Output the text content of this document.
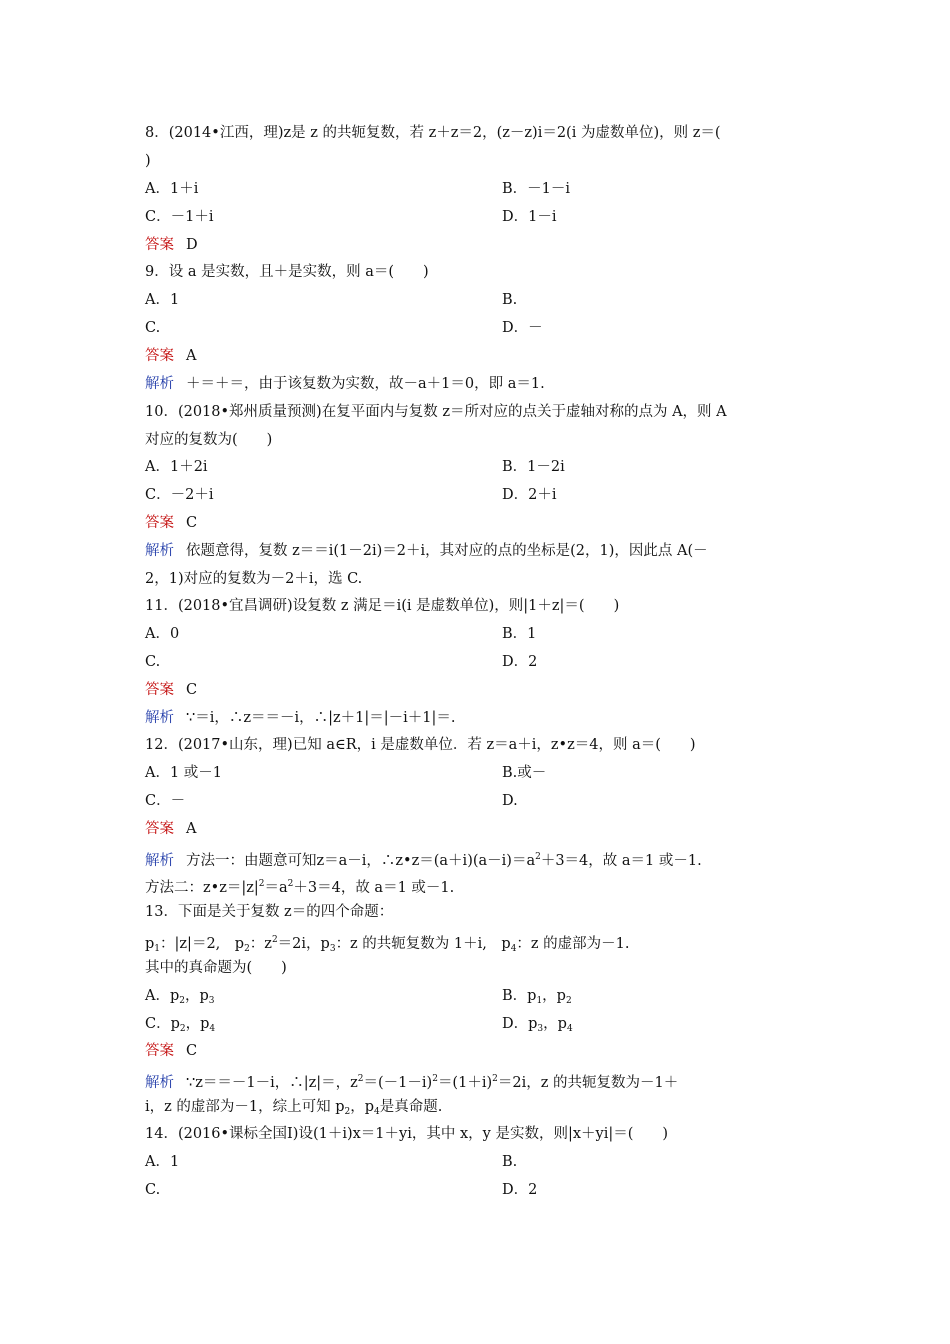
8．(2014•江西，理)z是 z 的共轭复数，若 z＋z＝2，(z－z)i＝2(i 为虚数单位)，则 z＝(
)
A．1＋i	B．－1－i
C．－1＋i	D．1－i
答案 D
9．设 a 是实数，且＋是实数，则 a＝(　　)
A．1	B.
C.	D．－
答案 A
解析 ＋＝＋＝，由于该复数为实数，故－a＋1＝0，即 a＝1.
10．(2018•郑州质量预测)在复平面内与复数 z＝所对应的点关于虚轴对称的点为 A，则 A
对应的复数为(　　)
A．1＋2i	B．1－2i
C．－2＋i	D．2＋i
答案 C
解析 依题意得，复数 z＝＝i(1－2i)＝2＋i，其对应的点的坐标是(2，1)，因此点 A(－
2，1)对应的复数为－2＋i，选 C.
11．(2018•宜昌调研)设复数 z 满足＝i(i 是虚数单位)，则|1＋z|＝(　　)
A．0	B．1
C.	D．2
答案 C
解析 ∵＝i，∴z＝＝－i，∴|z＋1|＝|－i＋1|＝.
12．(2017•山东，理)已知 a∈R，i 是虚数单位．若 z＝a＋i，z•z＝4，则 a＝(　　)
A．1 或－1	B.或－
C．－	D.
答案 A
解析 方法一：由题意可知z＝a－i，$\therefore z•z=(a+i)(a-i)=a^2+3=4$，故 a＝1 或－1.
方法二：$z•z=|z|^2=a^2+3=4$，故 a＝1 或－1.
13．下面是关于复数 z＝的四个命题：
$p_1$：|z|＝2,　$p_2$：$z^2=2i$，$p_3$：z 的共轭复数为 1＋i,　$p_4$：z 的虚部为－1.
其中的真命题为(　　)
A．$p_2$，$p_3$	B．$p_1$，$p_2$
C．$p_2$，$p_4$	D．$p_3$，$p_4$
答案 C
解析 ∵z＝＝－1－i，∴|z|＝，$z^2=(-1-i)^2=(1+i)^2=2i$，z 的共轭复数为－1＋
i，z 的虚部为－1，综上可知 $p_2$，$p_4$是真命题.
14．(2016•课标全国Ⅰ)设(1＋i)x＝1＋yi，其中 x，y 是实数，则|x＋yi|＝(　　)
A．1	B.
C.	D．2
